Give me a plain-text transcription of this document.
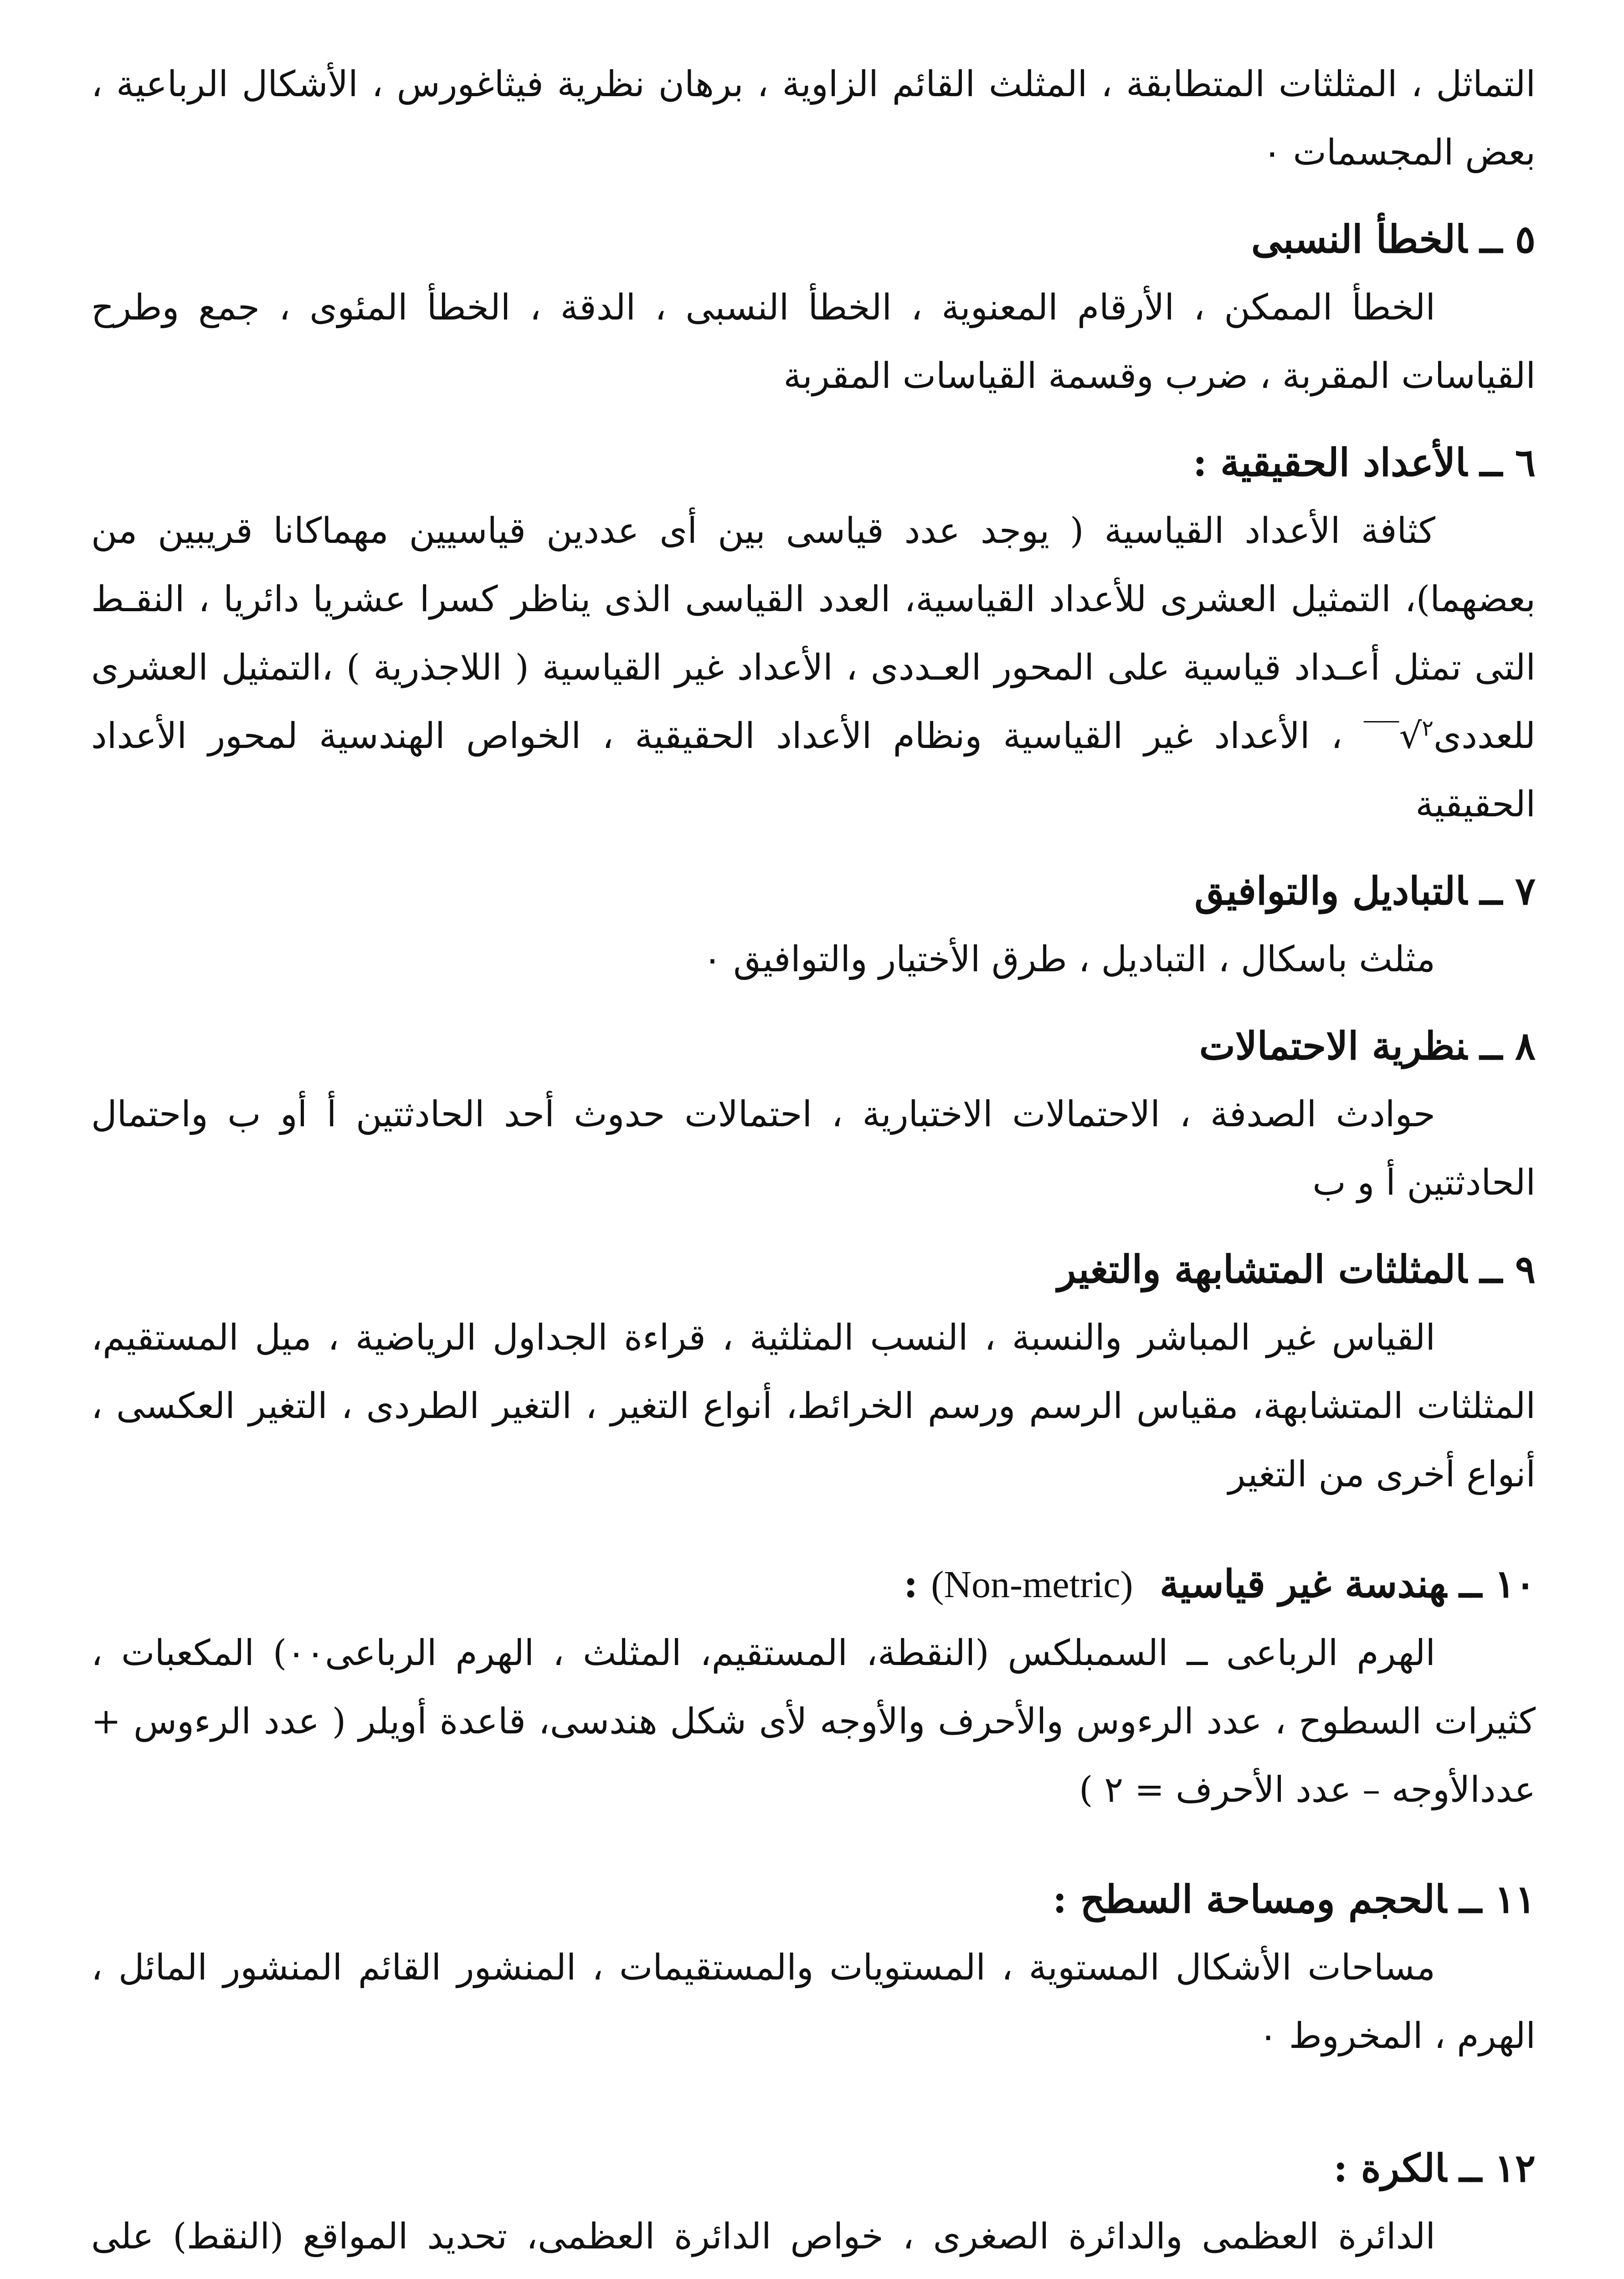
التماثل ، المثلثات المتطابقة ، المثلث القائم الزاوية ، برهان نظرية فيثاغورس ، الأشكال الرباعية ، بعض المجسمات ٠

٥ــالخطأ النسبى

الخطأ الممكن ، الأرقام المعنوية ، الخطأ النسبى ، الدقة ، الخطأ المئوى ، جمع وطرح القياسات المقربة ، ضرب وقسمة القياسات المقربة

٦ــالأعداد الحقيقية :

كثافة الأعداد القياسية ( يوجد عدد قياسى بين أى عددين قياسيين مهماكانا قريبين من بعضهما)، التمثيل العشرى للأعداد القياسية، العدد القياسى الذى يناظر كسرا عشريا دائريا ، النقـط التى تمثل أعـداد قياسية على المحور العـددى ، الأعداد غير القياسية ( اللاجذرية ) ،التمثيل العشرى للعددى$^٢$√‾‾ ، الأعداد غير القياسية ونظام الأعداد الحقيقية ، الخواص الهندسية لمحور الأعداد الحقيقية

٧ــالتباديل والتوافيق

مثلث باسكال ، التباديل ، طرق الأختيار والتوافيق ٠

٨ــنظرية الاحتمالات

حوادث الصدفة ، الاحتمالات الاختبارية ، احتمالات حدوث أحد الحادثتين أ أو ب واحتمال الحادثتين أ و ب

٩ــالمثلثات المتشابهة والتغير

القياس غير المباشر والنسبة ، النسب المثلثية ، قراءة الجداول الرياضية ، ميل المستقيم، المثلثات المتشابهة، مقياس الرسم ورسم الخرائط، أنواع التغير ، التغير الطردى ، التغير العكسى ، أنواع أخرى من التغير

١٠ــهندسة غير قياسية  (Non-metric) :

الهرم الرباعى ــ السمبلكس (النقطة، المستقيم، المثلث ، الهرم الرباعى٠٠) المكعبات ، كثيرات السطوح ، عدد الرءوس والأحرف والأوجه لأى شكل هندسى، قاعدة أويلر ( عدد الرءوس + عددالأوجه – عدد الأحرف = ٢ )

١١ــالحجم ومساحة السطح :

مساحات الأشكال المستوية ، المستويات والمستقيمات ، المنشور القائم المنشور المائل ، الهرم ، المخروط ٠

١٢ــالكرة :

الدائرة العظمى والدائرة الصغرى ، خواص الدائرة العظمى، تحديد المواقع (النقط) على
